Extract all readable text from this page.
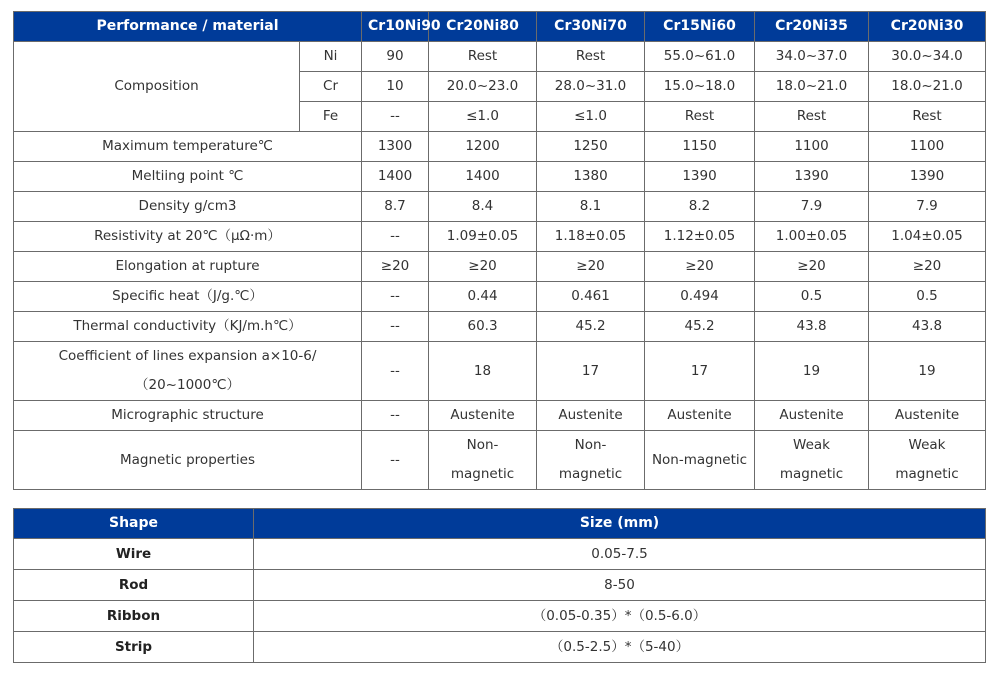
Performance / material		Cr10Ni90	Cr20Ni80	Cr30Ni70	Cr15Ni60	Cr20Ni35	Cr20Ni30
Composition	Ni	90	Rest	Rest	55.0~61.0	34.0~37.0	30.0~34.0
	Cr	10	20.0~23.0	28.0~31.0	15.0~18.0	18.0~21.0	18.0~21.0
	Fe	--	≤1.0	≤1.0	Rest	Rest	Rest
Maximum temperature℃		1300	1200	1250	1150	1100	1100
Meltiing point ℃		1400	1400	1380	1390	1390	1390
Density g/cm3		8.7	8.4	8.1	8.2	7.9	7.9
Resistivity at 20℃（μΩ·m）		--	1.09±0.05	1.18±0.05	1.12±0.05	1.00±0.05	1.04±0.05
Elongation at rupture		≥20	≥20	≥20	≥20	≥20	≥20
Specific heat（J/g.℃）		--	0.44	0.461	0.494	0.5	0.5
Thermal conductivity（KJ/m.h℃）		--	60.3	45.2	45.2	43.8	43.8
Coefficient of lines expansion a×10-6/（20~1000℃）		--	18	17	17	19	19
Micrographic structure		--	Austenite	Austenite	Austenite	Austenite	Austenite
Magnetic properties		--	Non-magnetic	Non-magnetic	Non-magnetic	Weak magnetic	Weak magnetic
Shape	Size (mm)
Wire	0.05-7.5
Rod	8-50
Ribbon	（0.05-0.35）*（0.5-6.0）
Strip	（0.5-2.5）*（5-40）
